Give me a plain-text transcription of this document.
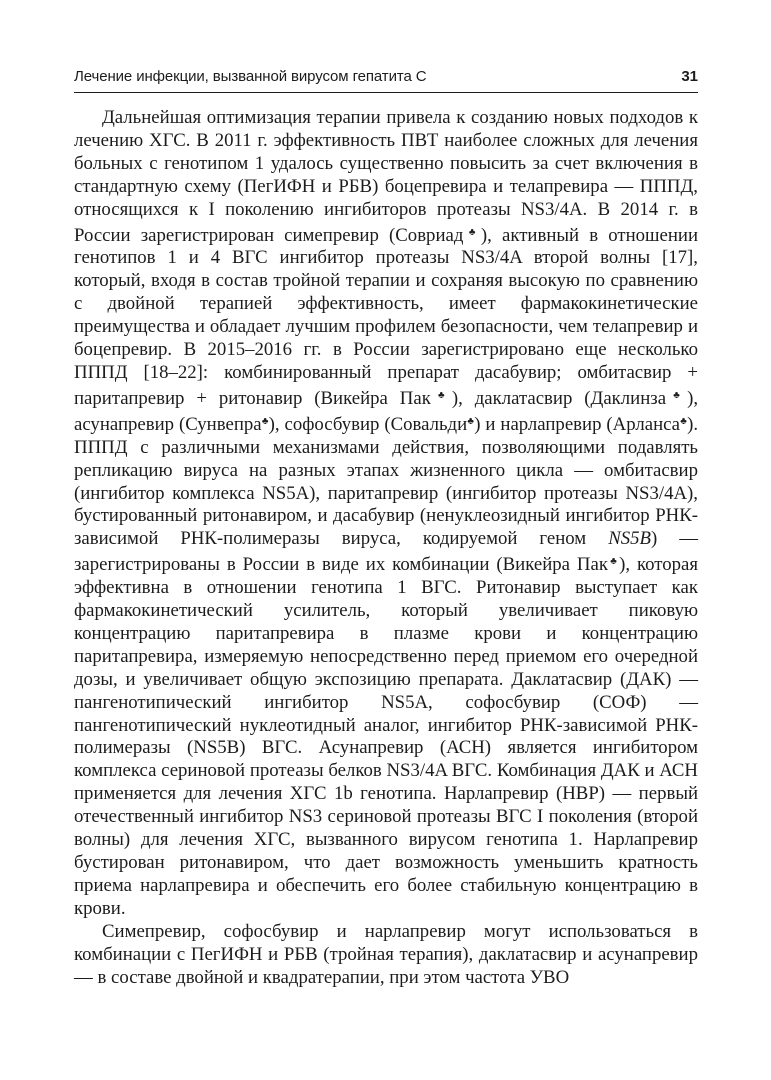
Лечение инфекции, вызванной вирусом гепатита С	31

Дальнейшая оптимизация терапии привела к созданию новых подходов к лечению ХГС. В 2011 г. эффективность ПВТ наиболее сложных для лечения больных с генотипом 1 удалось существенно повысить за счет включения в стандартную схему (ПегИФН и РБВ) боцепревира и телапревира — ПППД, относящихся к I поколению ингибиторов протеазы NS3/4A. В 2014 г. в России зарегистрирован симепревир (Совриад♣), активный в отношении генотипов 1 и 4 ВГС ингибитор протеазы NS3/4A второй волны [17], который, входя в состав тройной терапии и сохраняя высокую по сравнению с двойной терапией эффективность, имеет фармакокинетические преимущества и обладает лучшим профилем безопасности, чем телапревир и боцепревир. В 2015–2016 гг. в России зарегистрировано еще несколько ПППД [18–22]: комбинированный препарат дасабувир; омбитасвир + паритапревир + ритонавир (Викейра Пак♣), даклатасвир (Даклинза♣), асунапревир (Сунвепра♣), софосбувир (Совальди♣) и нарлапревир (Арланса♣). ПППД с различными механизмами действия, позволяющими подавлять репликацию вируса на разных этапах жизненного цикла — омбитасвир (ингибитор комплекса NS5A), паритапревир (ингибитор протеазы NS3/4A), бустированный ритонавиром, и дасабувир (ненуклеозидный ингибитор РНК-зависимой РНК-полимеразы вируса, кодируемой геном NS5B) — зарегистрированы в России в виде их комбинации (Викейра Пак♣), которая эффективна в отношении генотипа 1 ВГС. Ритонавир выступает как фармакокинетический усилитель, который увеличивает пиковую концентрацию паритапревира в плазме крови и концентрацию паритапревира, измеряемую непосредственно перед приемом его очередной дозы, и увеличивает общую экспозицию препарата. Даклатасвир (ДАК) — пангенотипический ингибитор NS5A, софосбувир (СОФ) — пангенотипический нуклеотидный аналог, ингибитор РНК-зависимой РНК-полимеразы (NS5B) ВГС. Асунапревир (АСН) является ингибитором комплекса сериновой протеазы белков NS3/4A ВГС. Комбинация ДАК и АСН применяется для лечения ХГС 1b генотипа. Нарлапревир (НВР) — первый отечественный ингибитор NS3 сериновой протеазы ВГС I поколения (второй волны) для лечения ХГС, вызванного вирусом генотипа 1. Нарлапревир бустирован ритонавиром, что дает возможность уменьшить кратность приема нарлапревира и обеспечить его более стабильную концентрацию в крови.

Симепревир, софосбувир и нарлапревир могут использоваться в комбинации с ПегИФН и РБВ (тройная терапия), даклатасвир и асунапревир — в составе двойной и квадратерапии, при этом частота УВО
